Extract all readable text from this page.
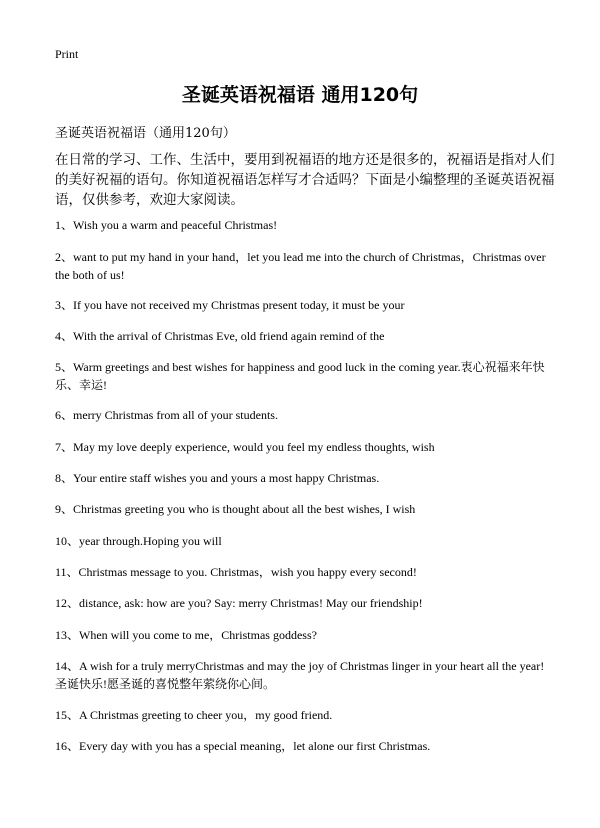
Print
圣诞英语祝福语 通用120句
圣诞英语祝福语（通用120句）
在日常的学习、工作、生活中，要用到祝福语的地方还是很多的，祝福语是指对人们的美好祝福的语句。你知道祝福语怎样写才合适吗？下面是小编整理的圣诞英语祝福语，仅供参考，欢迎大家阅读。
1、Wish you a warm and peaceful Christmas!
2、want to put my hand in your hand，let you lead me into the church of Christmas，Christmas over the both of us!
3、If you have not received my Christmas present today, it must be your
4、With the arrival of Christmas Eve, old friend again remind of the
5、Warm greetings and best wishes for happiness and good luck in the coming year.衷心祝福来年快乐、幸运!
6、merry Christmas from all of your students.
7、May my love deeply experience, would you feel my endless thoughts, wish
8、Your entire staff wishes you and yours a most happy Christmas.
9、Christmas greeting you who is thought about all the best wishes, I wish
10、year through.Hoping you will
11、Christmas message to you. Christmas，wish you happy every second!
12、distance, ask: how are you? Say: merry Christmas! May our friendship!
13、When will you come to me，Christmas goddess?
14、A wish for a truly merryChristmas and may the joy of Christmas linger in your heart all the year!圣诞快乐!愿圣诞的喜悦整年萦绕你心间。
15、A Christmas greeting to cheer you，my good friend.
16、Every day with you has a special meaning，let alone our first Christmas.
